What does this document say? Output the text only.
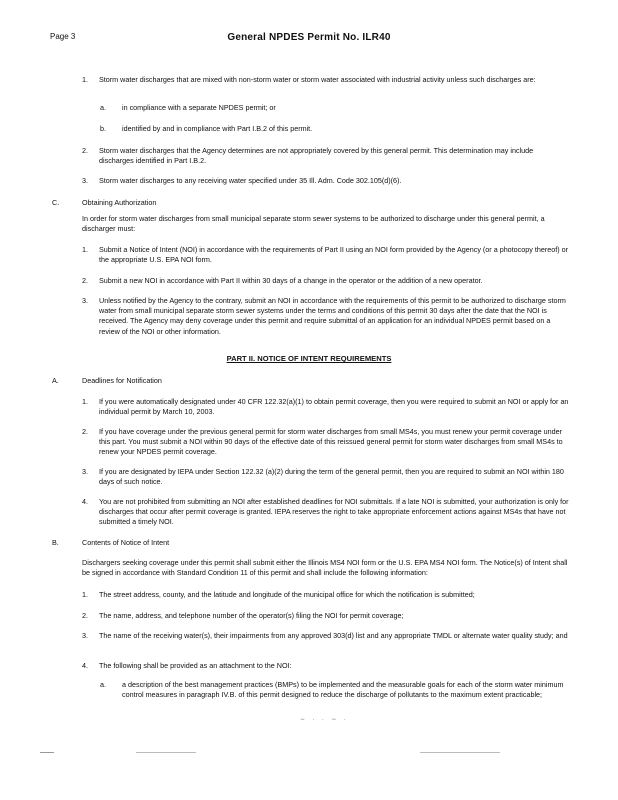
Page 3	General NPDES Permit No. ILR40
1. Storm water discharges that are mixed with non-storm water or storm water associated with industrial activity unless such discharges are:
a. in compliance with a separate NPDES permit; or
b. identified by and in compliance with Part I.B.2 of this permit.
2. Storm water discharges that the Agency determines are not appropriately covered by this general permit. This determination may include discharges identified in Part I.B.2.
3. Storm water discharges to any receiving water specified under 35 Ill. Adm. Code 302.105(d)(6).
C.	Obtaining Authorization
In order for storm water discharges from small municipal separate storm sewer systems to be authorized to discharge under this general permit, a discharger must:
1. Submit a Notice of Intent (NOI) in accordance with the requirements of Part II using an NOI form provided by the Agency (or a photocopy thereof) or the appropriate U.S. EPA NOI form.
2. Submit a new NOI in accordance with Part II within 30 days of a change in the operator or the addition of a new operator.
3. Unless notified by the Agency to the contrary, submit an NOI in accordance with the requirements of this permit to be authorized to discharge storm water from small municipal separate storm sewer systems under the terms and conditions of this permit 30 days after the date that the NOI is received. The Agency may deny coverage under this permit and require submittal of an application for an individual NPDES permit based on a review of the NOI or other information.
PART II. NOTICE OF INTENT REQUIREMENTS
A.	Deadlines for Notification
1. If you were automatically designated under 40 CFR 122.32(a)(1) to obtain permit coverage, then you were required to submit an NOI or apply for an individual permit by March 10, 2003.
2. If you have coverage under the previous general permit for storm water discharges from small MS4s, you must renew your permit coverage under this part. You must submit a NOI within 90 days of the effective date of this reissued general permit for storm water discharges from small MS4s to renew your NPDES permit coverage.
3. If you are designated by IEPA under Section 122.32 (a)(2) during the term of the general permit, then you are required to submit an NOI within 180 days of such notice.
4. You are not prohibited from submitting an NOI after established deadlines for NOI submittals. If a late NOI is submitted, your authorization is only for discharges that occur after permit coverage is granted. IEPA reserves the right to take appropriate enforcement actions against MS4s that have not submitted a timely NOI.
B.	Contents of Notice of Intent
Dischargers seeking coverage under this permit shall submit either the Illinois MS4 NOI form or the U.S. EPA MS4 NOI form. The Notice(s) of Intent shall be signed in accordance with Standard Condition 11 of this permit and shall include the following information:
1. The street address, county, and the latitude and longitude of the municipal office for which the notification is submitted;
2. The name, address, and telephone number of the operator(s) filing the NOI for permit coverage;
3. The name of the receiving water(s), their impairments from any approved 303(d) list and any appropriate TMDL or alternate water quality study; and
4. The following shall be provided as an attachment to the NOI:
a. a description of the best management practices (BMPs) to be implemented and the measurable goals for each of the storm water minimum control measures in paragraph IV.B. of this permit designed to reduce the discharge of pollutants to the maximum extent practicable;
∼ ∙ ∙ ∼ ∙
